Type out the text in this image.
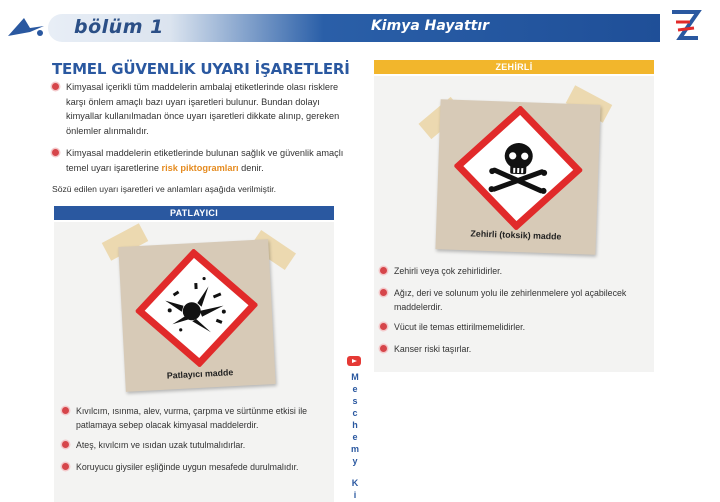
bölüm 1	Kimya Hayattır
TEMEL GÜVENLİK UYARI İŞARETLERİ
Kimyasal içerikli tüm maddelerin ambalaj etiketlerinde olası risklere karşı önlem amaçlı bazı uyarı işaretleri bulunur. Bundan dolayı kimyallar kullanılmadan önce uyarı işaretleri dikkate alınıp, gereken önlemler alınmalıdır.
Kimyasal maddelerin etiketlerinde bulunan sağlık ve güvenlik amaçlı temel uyarı işaretlerine risk piktogramları denir.
Sözü edilen uyarı işaretleri ve anlamları aşağıda verilmiştir.
PATLAYICI
Patlayıcı madde
Kıvılcım, ısınma, alev, vurma, çarpma ve sürtünme etkisi ile patlamaya sebep olacak kimyasal maddelerdir.
Ateş, kıvılcım ve ısıdan uzak tutulmalıdırlar.
Koruyucu giysiler eşliğinde uygun mesafede durulmalıdır.
ZEHİRLİ
Zehirli (toksik) madde
Zehirli veya çok zehirlidirler.
Ağız, deri ve solunum yolu ile zehirlenmelere yol açabilecek maddelerdir.
Vücut ile temas ettirilmemelidirler.
Kanser riski taşırlar.
M
e
s
c
h
e
m
y
K
i
